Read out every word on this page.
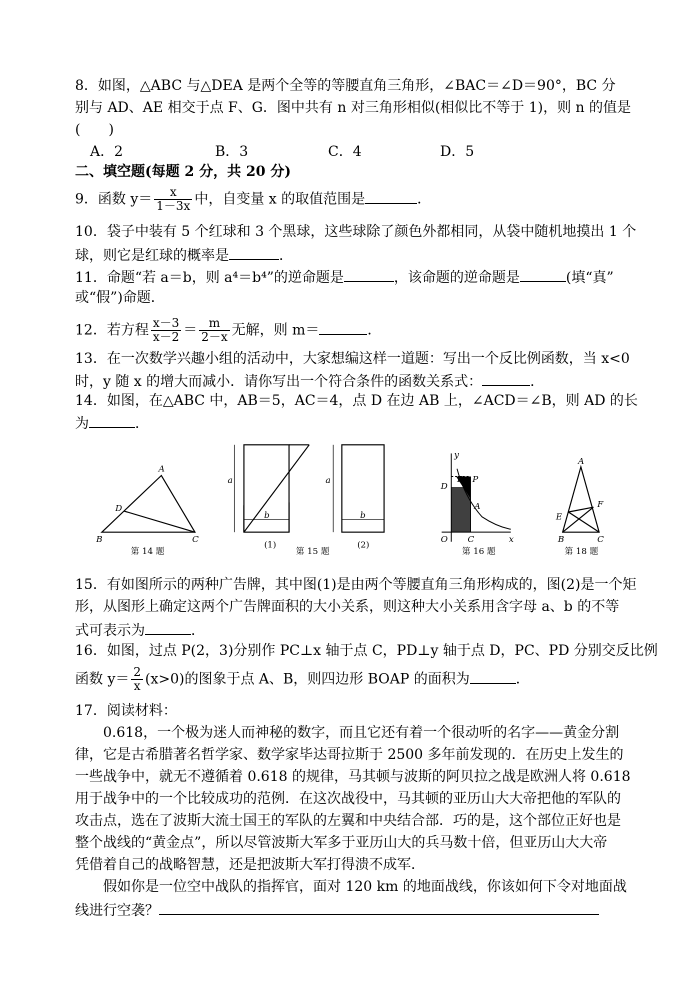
8．如图，△ABC 与△DEA 是两个全等的等腰直角三角形，∠BAC＝∠D＝90°，BC 分
别与 AD、AE 相交于点 F、G．图中共有 n 对三角形相似(相似比不等于 1)，则 n 的值是
(　　)
A．2	B．3	C．4	D．5
二、填空题(每题 2 分，共 20 分)
9．函数 $y= \frac{x}{1-3x}$ 中，自变量 x 的取值范围是	．
10．袋子中装有 5 个红球和 3 个黑球，这些球除了颜色外都相同，从袋中随机地摸出 1 个
球，则它是红球的概率是	．
11．命题“若 a＝b，则 a⁴＝b⁴”的逆命题是	，该命题的逆命题是	(填“真”
或“假”)命题．
12．若方程 $\frac{x-3}{x-2} = \frac{m}{2-x}$ 无解，则 m＝	．
13．在一次数学兴趣小组的活动中，大家想编这样一道题：写出一个反比例函数，当 x<0
时，y 随 x 的增大而减小．请你写出一个符合条件的函数关系式：	．
14．如图，在△ABC 中，AB＝5，AC＝4，点 D 在边 AB 上，∠ACD＝∠B，则 AD 的长
为	．
A
D
B	C
a
b
a
b
y
D
B P
A
O C	x
A
E
F
B	C
第 14 题
(1)	(2)
第 15 题	第 16 题	第 18 题
15．有如图所示的两种广告牌，其中图(1)是由两个等腰直角三角形构成的，图(2)是一个矩
形，从图形上确定这两个广告牌面积的大小关系，则这种大小关系用含字母 a、b 的不等
式可表示为	．
16．如图，过点 P(2，3)分别作 PC⊥x 轴于点 C，PD⊥y 轴于点 D，PC、PD 分别交反比例
函数 $y= \frac{2}{x} (x>0)$的图象于点 A、B，则四边形 BOAP 的面积为	．
17．阅读材料：
0.618，一个极为迷人而神秘的数字，而且它还有着一个很动听的名字——黄金分割
律，它是古希腊著名哲学家、数学家毕达哥拉斯于 2500 多年前发现的．在历史上发生的
一些战争中，就无不遵循着 0.618 的规律，马其顿与波斯的阿贝拉之战是欧洲人将 0.618
用于战争中的一个比较成功的范例．在这次战役中，马其顿的亚历山大大帝把他的军队的
攻击点，选在了波斯大流士国王的军队的左翼和中央结合部．巧的是，这个部位正好也是
整个战线的“黄金点”，所以尽管波斯大军多于亚历山大的兵马数十倍，但亚历山大大帝
凭借着自己的战略智慧，还是把波斯大军打得溃不成军．
假如你是一位空中战队的指挥官，面对 120 km 的地面战线，你该如何下令对地面战
线进行空袭？
